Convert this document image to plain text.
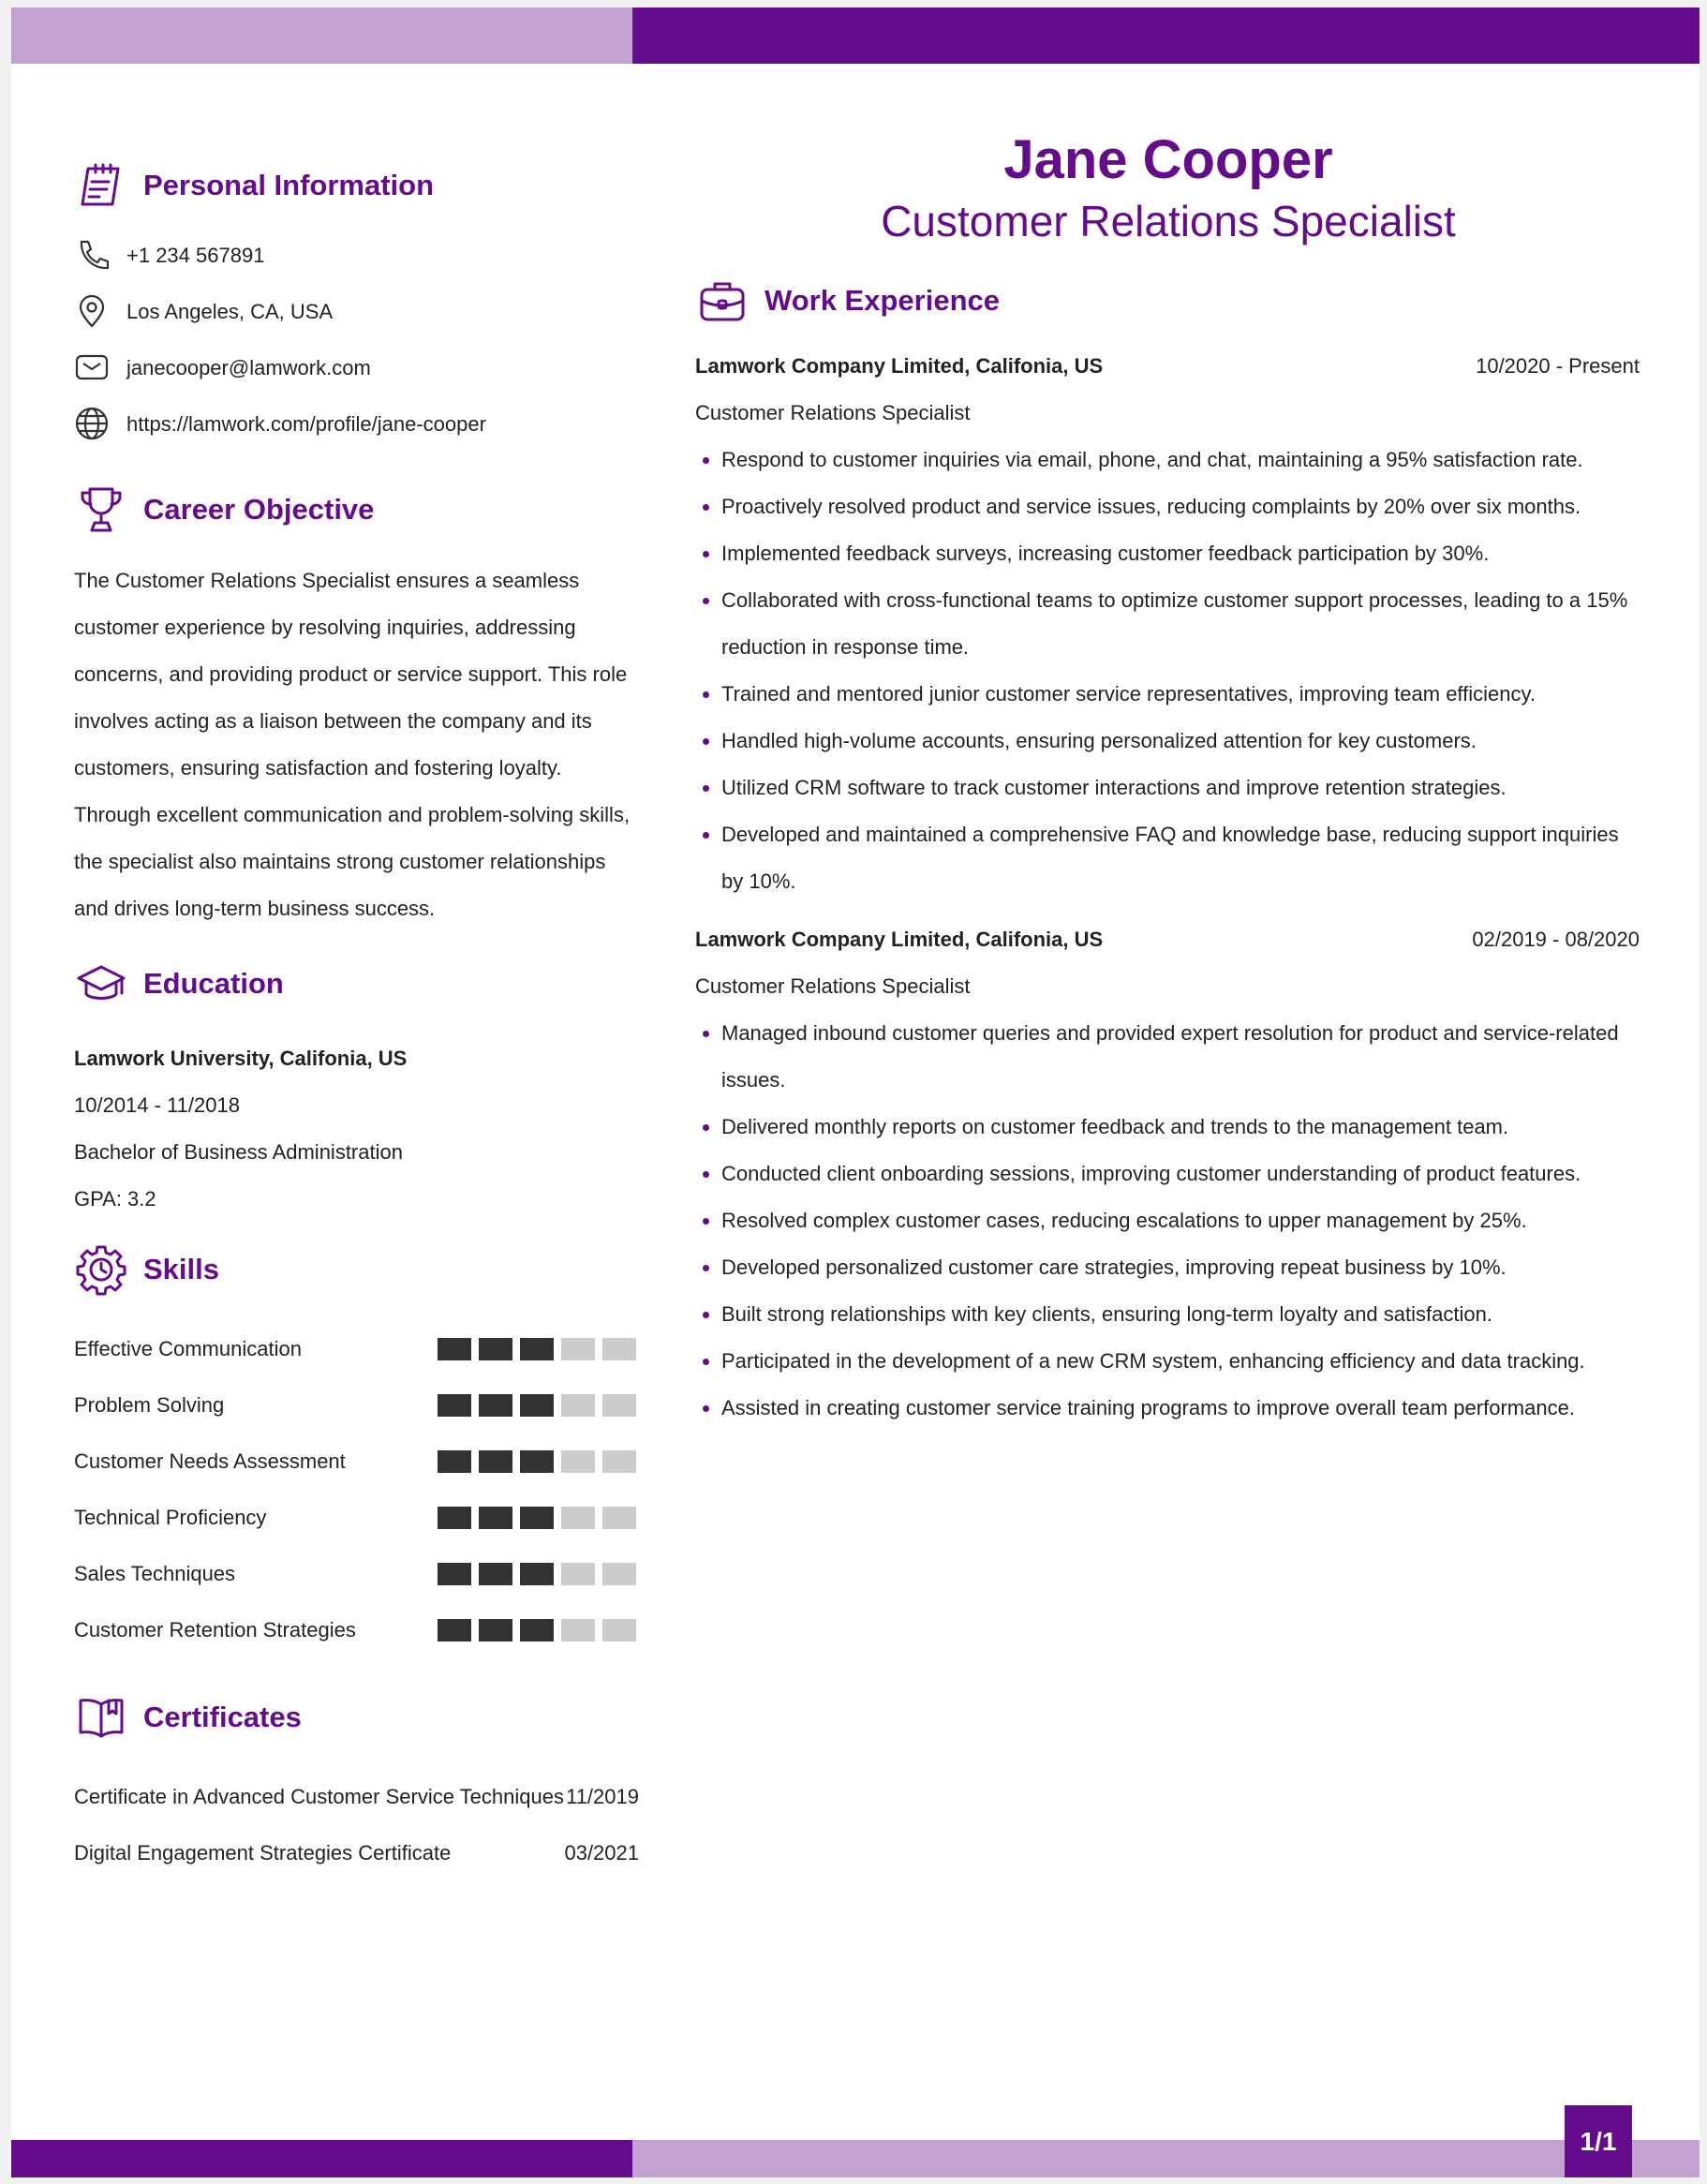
Personal Information
+1 234 567891
Los Angeles, CA, USA
janecooper@lamwork.com
https://lamwork.com/profile/jane-cooper
Career Objective
The Customer Relations Specialist ensures a seamless customer experience by resolving inquiries, addressing concerns, and providing product or service support. This role involves acting as a liaison between the company and its customers, ensuring satisfaction and fostering loyalty. Through excellent communication and problem-solving skills, the specialist also maintains strong customer relationships and drives long-term business success.
Education
Lamwork University, Califonia, US
10/2014 - 11/2018
Bachelor of Business Administration
GPA: 3.2
Skills
Effective Communication
Problem Solving
Customer Needs Assessment
Technical Proficiency
Sales Techniques
Customer Retention Strategies
Certificates
Certificate in Advanced Customer Service Techniques 11/2019
Digital Engagement Strategies Certificate	03/2021
Jane Cooper
Customer Relations Specialist
Work Experience
Lamwork Company Limited, Califonia, US	10/2020 - Present
Customer Relations Specialist
• Respond to customer inquiries via email, phone, and chat, maintaining a 95% satisfaction rate.
• Proactively resolved product and service issues, reducing complaints by 20% over six months.
• Implemented feedback surveys, increasing customer feedback participation by 30%.
• Collaborated with cross-functional teams to optimize customer support processes, leading to a 15% reduction in response time.
• Trained and mentored junior customer service representatives, improving team efficiency.
• Handled high-volume accounts, ensuring personalized attention for key customers.
• Utilized CRM software to track customer interactions and improve retention strategies.
• Developed and maintained a comprehensive FAQ and knowledge base, reducing support inquiries by 10%.
Lamwork Company Limited, Califonia, US	02/2019 - 08/2020
Customer Relations Specialist
• Managed inbound customer queries and provided expert resolution for product and service-related issues.
• Delivered monthly reports on customer feedback and trends to the management team.
• Conducted client onboarding sessions, improving customer understanding of product features.
• Resolved complex customer cases, reducing escalations to upper management by 25%.
• Developed personalized customer care strategies, improving repeat business by 10%.
• Built strong relationships with key clients, ensuring long-term loyalty and satisfaction.
• Participated in the development of a new CRM system, enhancing efficiency and data tracking.
• Assisted in creating customer service training programs to improve overall team performance.
1/1
